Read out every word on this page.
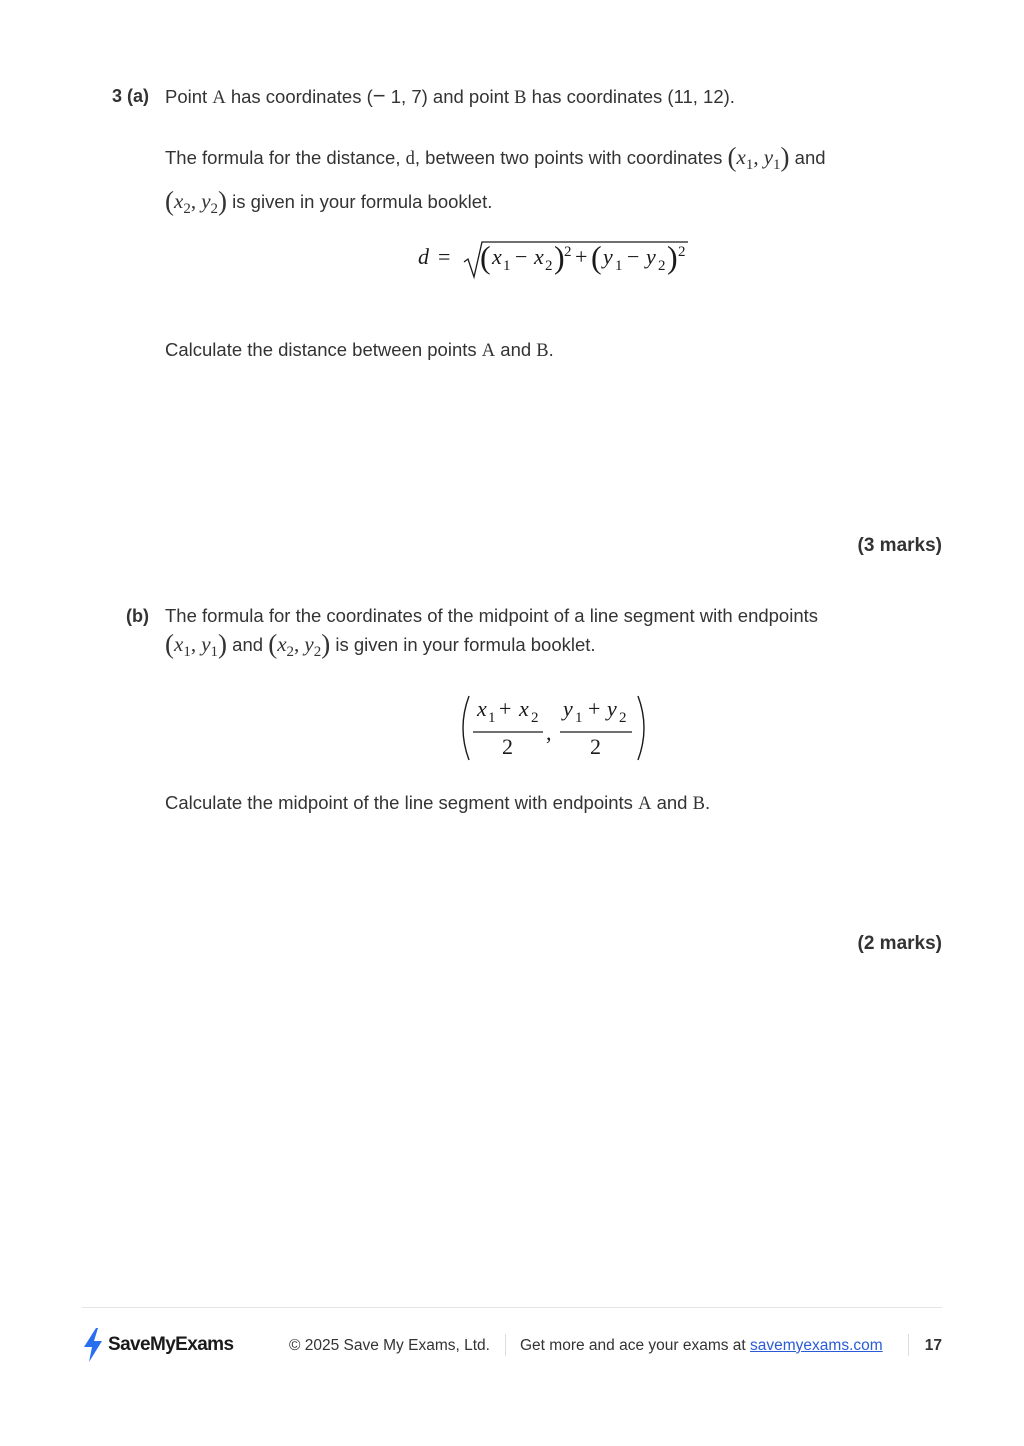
3 (a) Point A has coordinates (− 1, 7) and point B has coordinates (11, 12).
The formula for the distance, d, between two points with coordinates ($x_1$, $y_1$) and
($x_2$, $y_2$) is given in your formula booklet.
d = ( x 1 − x 2 ) 2 + ( y 1 − y 2 ) 2
Calculate the distance between points A and B.
(3 marks)
(b) The formula for the coordinates of the midpoint of a line segment with endpoints
($x_1$, $y_1$) and ($x_2$, $y_2$) is given in your formula booklet.
x 1 + x 2
2
,
y 1 + y 2
2
Calculate the midpoint of the line segment with endpoints A and B.
(2 marks)
SaveMyExams	© 2025 Save My Exams, Ltd. Get more and ace your exams at savemyexams.com	17
